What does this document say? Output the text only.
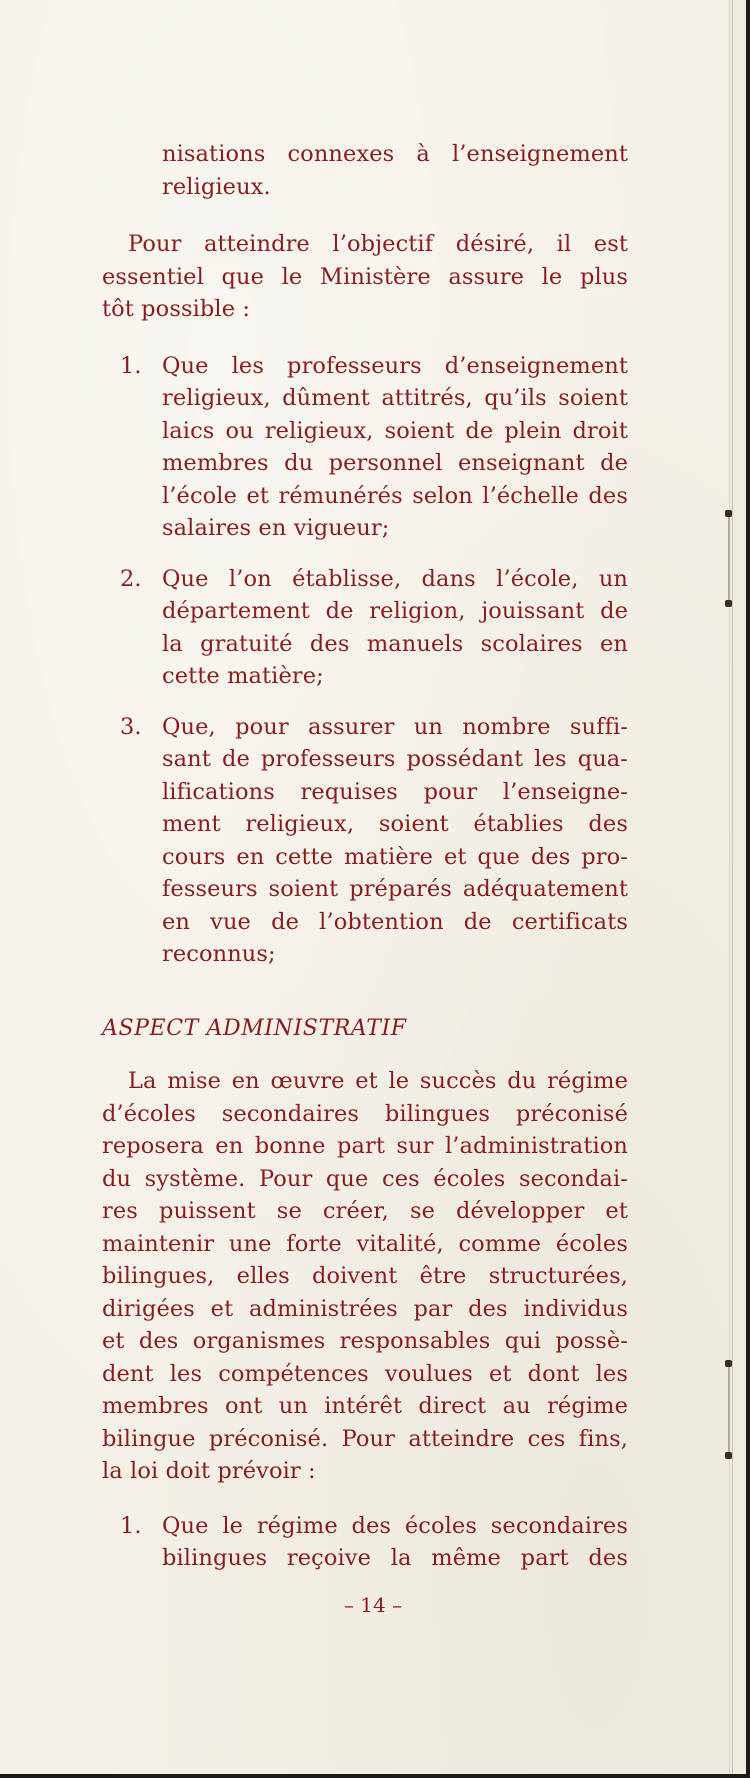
nisations connexes à l’enseignement
religieux.
Pour atteindre l’objectif désiré, il est
essentiel que le Ministère assure le plus
tôt possible :
1. Que les professeurs d’enseignement
religieux, dûment attitrés, qu’ils soient
laics ou religieux, soient de plein droit
membres du personnel enseignant de
l’école et rémunérés selon l’échelle des
salaires en vigueur;
2. Que l’on établisse, dans l’école, un
département de religion, jouissant de
la gratuité des manuels scolaires en
cette matière;
3. Que, pour assurer un nombre suffi-
sant de professeurs possédant les qua-
lifications requises pour l’enseigne-
ment religieux, soient établies des
cours en cette matière et que des pro-
fesseurs soient préparés adéquatement
en vue de l’obtention de certificats
reconnus;
ASPECT ADMINISTRATIF
La mise en œuvre et le succès du régime
d’écoles secondaires bilingues préconisé
reposera en bonne part sur l’administration
du système. Pour que ces écoles secondai-
res puissent se créer, se développer et
maintenir une forte vitalité, comme écoles
bilingues, elles doivent être structurées,
dirigées et administrées par des individus
et des organismes responsables qui possè-
dent les compétences voulues et dont les
membres ont un intérêt direct au régime
bilingue préconisé. Pour atteindre ces fins,
la loi doit prévoir :
1. Que le régime des écoles secondaires
bilingues reçoive la même part des
– 14 –
